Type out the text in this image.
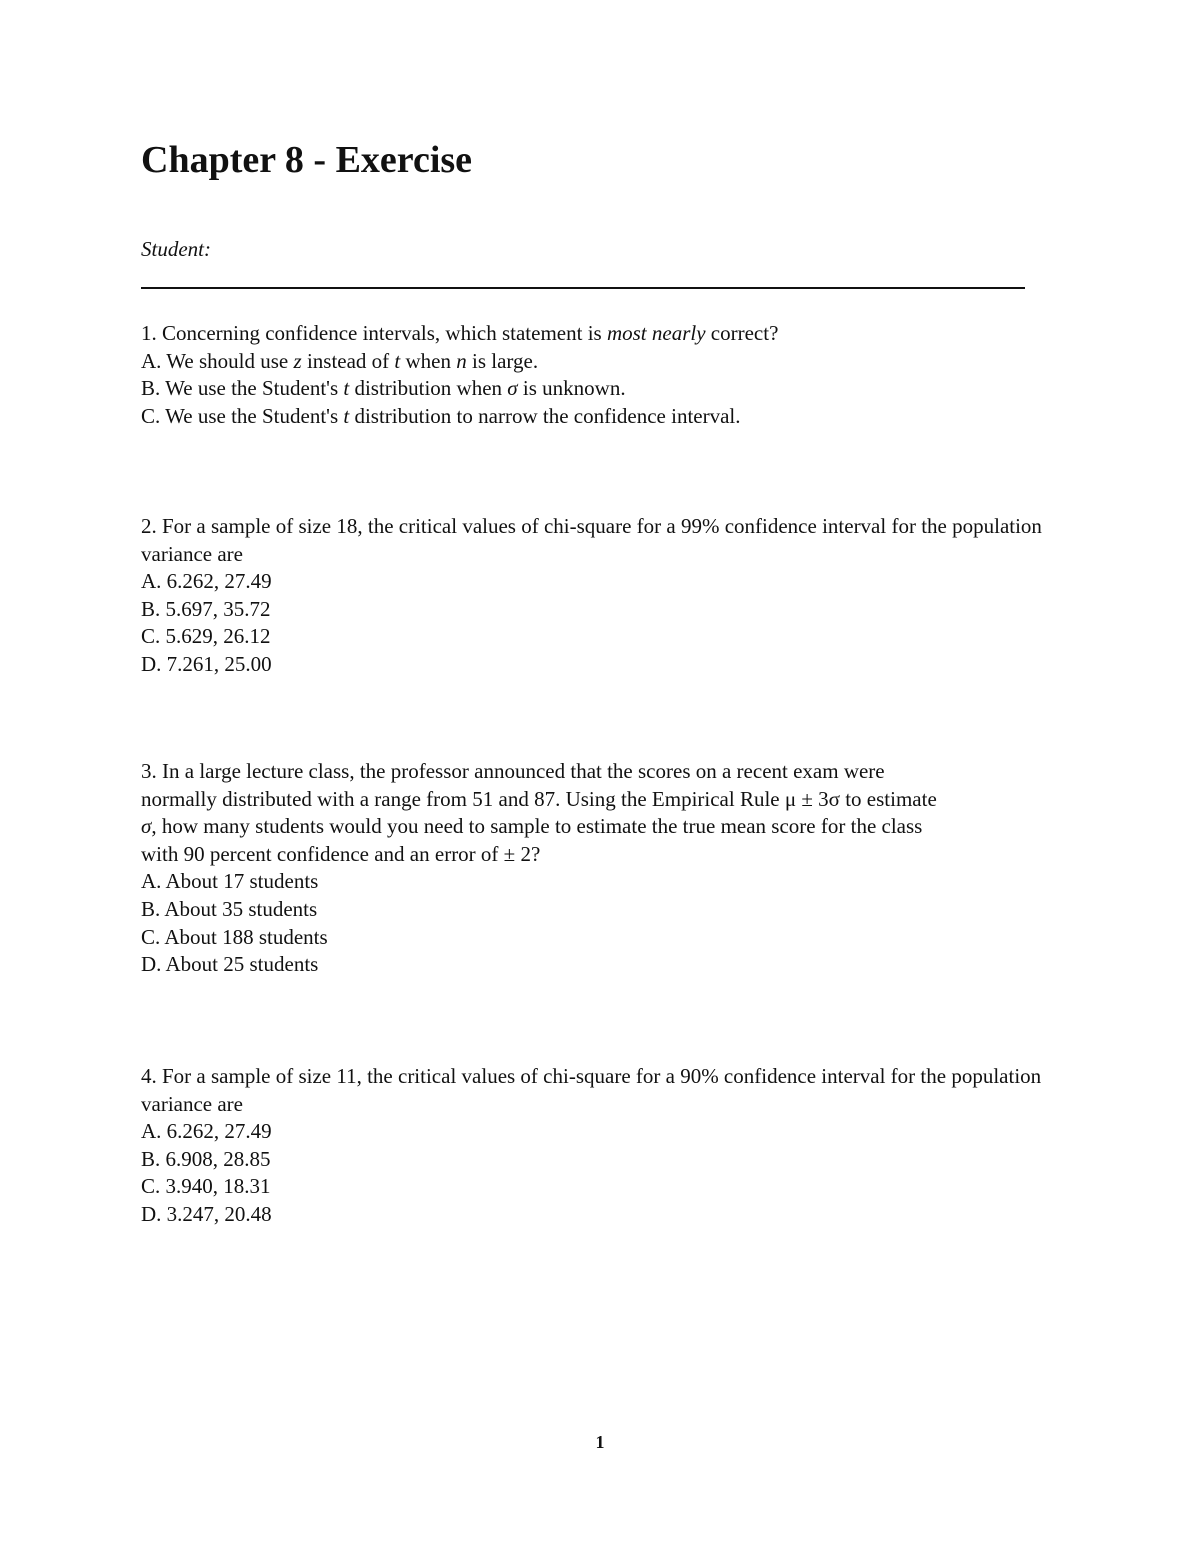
Chapter 8 - Exercise
Student:
1. Concerning confidence intervals, which statement is most nearly correct?
A. We should use z instead of t when n is large.
B. We use the Student's t distribution when σ is unknown.
C. We use the Student's t distribution to narrow the confidence interval.
2. For a sample of size 18, the critical values of chi-square for a 99% confidence interval for the population variance are
A. 6.262, 27.49
B. 5.697, 35.72
C. 5.629, 26.12
D. 7.261, 25.00
3. In a large lecture class, the professor announced that the scores on a recent exam were
normally distributed with a range from 51 and 87. Using the Empirical Rule μ ± 3σ to estimate
σ, how many students would you need to sample to estimate the true mean score for the class
with 90 percent confidence and an error of ± 2?
A. About 17 students
B. About 35 students
C. About 188 students
D. About 25 students
4. For a sample of size 11, the critical values of chi-square for a 90% confidence interval for the population variance are
A. 6.262, 27.49
B. 6.908, 28.85
C. 3.940, 18.31
D. 3.247, 20.48
1
